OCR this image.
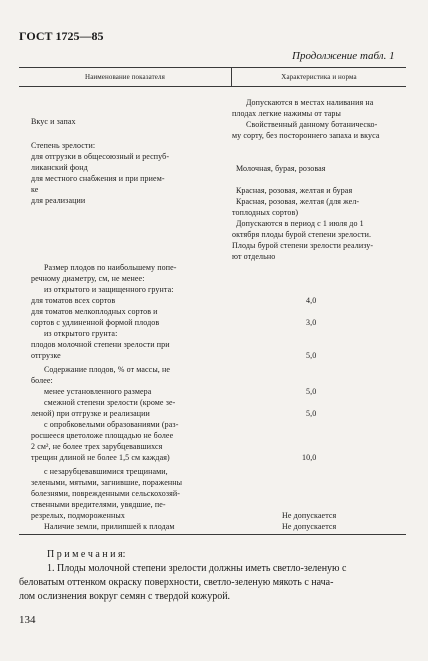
ГОСТ 1725—85
Продолжение табл. 1
Наименование показателя	Характеристика и норма
Вкус и запах
Степень зрелости:
для отгрузки в общесоюзный и респуб-
ликанский фонд
для местного снабжения и при прием-
ке
для реализации
Размер плодов по наибольшему попе-
речному диаметру, см, не менее:
из открытого и защищенного грунта:
для томатов всех сортов
для томатов мелкоплодных сортов и
сортов с удлиненной формой плодов
из открытого грунта:
плодов молочной степени зрелости при
отгрузке
Содержание плодов, % от массы, не
более:
менее установленного размера
смежной степени зрелости (кроме зе-
леной) при отгрузке и реализации
с опробковелыми образованиями (раз-
росшееся цветоложе площадью не более
2 см², не более трех зарубцевавшихся
трещин длиной не более 1,5 см каждая)
с незарубцевавшимися трещинами,
зелеными, мятыми, загнившие, пораженны
болезнями, поврежденными сельскохозяй-
ственными вредителями, увядшие, пе-
резрелых, подмороженных
Наличие земли, прилипшей к плодам
Допускаются в местах наливания на
плодах легкие нажимы от тары
Свойственный данному ботаническо-
му сорту, без постороннего запаха и вкуса
Молочная, бурая, розовая
Красная, розовая, желтая и бурая
Красная, розовая, желтая (для жел-
топлодных сортов)
Допускаются в период с 1 июля до 1
октября плоды бурой степени зрелости.
Плоды бурой степени зрелости реализу-
ют отдельно
4,0
3,0
5,0
5,0
5,0
10,0
Не допускается
Не допускается
П р и м е ч а н и я:
1. Плоды молочной степени зрелости должны иметь светло-зеленую с
беловатым оттенком окраску поверхности, светло-зеленую мякоть с нача-
лом ослизнения вокруг семян с твердой кожурой.
134
